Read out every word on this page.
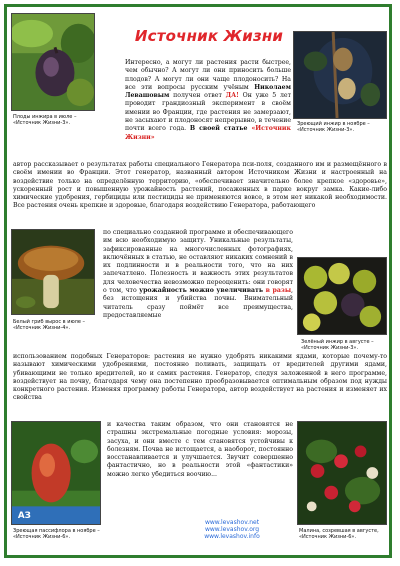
Плоды инжира в июле – «Источник Жизни-3».
Источник Жизни
Зреющий инжир в ноябре – «Источник Жизни-3».
Интересно, а могут ли растения расти быстрее, чем обычно? А могут ли они приносить больше плодов? А могут ли они чаще плодоносить? На все эти вопросы русским учёным Николаем Левашовым получен ответ ДА! Он уже 5 лет проводит грандиозный эксперимент в своём имении во Франции, где растения не замерзают, не засыхают и плодоносят непрерывно, в течение почти всего года. В своей статье «Источник Жизни»
автор рассказывает о результатах работы специального Генератора пси-поля, созданного им и размещённого в своём имении во Франции. Этот генератор, названный автором Источником Жизни и настроенный на воздействие только на определённую территорию, «обеспечивает значительно более крепкое «здоровье», ускоренный рост и повышенную урожайность растений, посаженных в парке вокруг замка. Какие-либо химические удобрения, гербициды или пестициды не применяются вовсе, в этом нет никакой необходимости. Все растения очень крепкие и здоровые, благодаря воздействию Генератора, работающего
Белый гриб вырос в июле – «Источник Жизни-4».
по специально созданной программе и обеспечивающего им всю необходимую защиту. Уникальные результаты, зафиксированные на многочисленных фотографиях, включённых в статью, не оставляют никаких сомнений в их подлинности и в реальности того, что на них запечатлено. Полезность и важность этих результатов для человечества невозможно переоценить: они говорят о том, что урожайность можно увеличивать в разы, без истощения и убийства почвы. Внимательный читатель сразу поймёт все преимущества, предоставляемые
Зелёный инжир в августе – «Источник Жизни-3».
использованием подобных Генераторов: растения не нужно удобрять никакими ядами, которые почему-то называют химическими удобрениями, постоянно поливать, защищать от вредителей другими ядами, убивающими не только вредителей, но и самих растения. Генератор, следуя заложенной в него программе, воздействует на почву, благодаря чему она постепенно преобразовывается оптимальным образом под нужды конкретного растения. Изменяя программу работы Генератора, автор воздействует на растения и изменяет их свойства
АЗ
Зреющая пассифлора в ноябре – «Источник Жизни-6».
и качества таким образом, что они становятся не страшны экстремальные погодные условия: морозы, засуха, и они вместе с тем становятся устойчивы к болезням. Почва не истощается, а наоборот, постоянно восстанавливается и улучшается. Звучит совершенно фантастично, но в реальности этой «фантастики» можно легко убедиться воочию...
Малина, созревшая в августе, «Источник Жизни-6».
www.levashov.net
www.levashov.org
www.levashov.info
